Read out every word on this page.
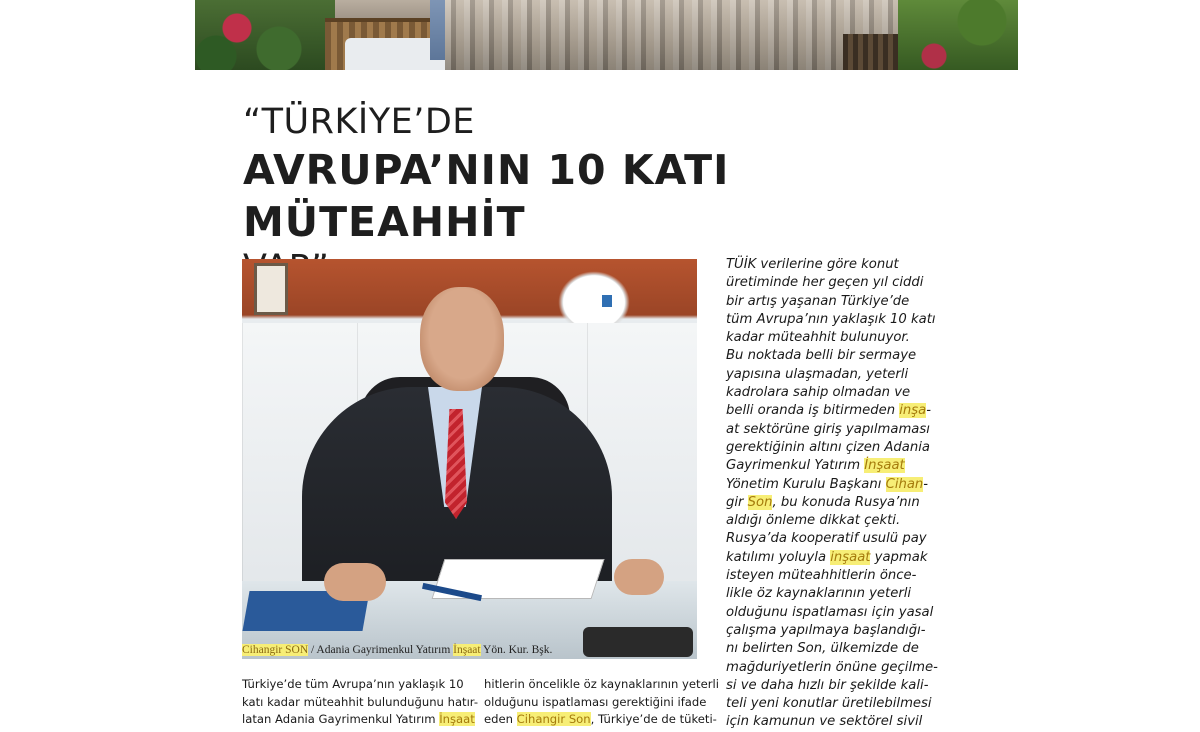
“TÜRKİYE’DE
AVRUPA’NIN 10 KATI MÜTEAHHİT
Cihangir SON / Adania Gayrimenkul Yatırım İnşaat Yön. Kur. Bşk.
TÜİK verilerine göre konut
üretiminde her geçen yıl ciddi
bir artış yaşanan Türkiye’de
tüm Avrupa’nın yaklaşık 10 katı
kadar müteahhit bulunuyor.
Bu noktada belli bir sermaye
yapısına ulaşmadan, yeterli
kadrolara sahip olmadan ve
belli oranda iş bitirmeden inşa-
at sektörüne giriş yapılmaması
gerektiğinin altını çizen Adania
Gayrimenkul Yatırım İnşaat
Yönetim Kurulu Başkanı Cihan-
gir Son, bu konuda Rusya’nın
aldığı önleme dikkat çekti.
Rusya’da kooperatif usulü pay
katılımı yoluyla inşaat yapmak
isteyen müteahhitlerin önce-
likle öz kaynaklarının yeterli
olduğunu ispatlaması için yasal
çalışma yapılmaya başlandığı-
nı belirten Son, ülkemizde de
mağduriyetlerin önüne geçilme-
si ve daha hızlı bir şekilde kali-
teli yeni konutlar üretilebilmesi
için kamunun ve sektörel sivil
Türkiye’de tüm Avrupa’nın yaklaşık 10
katı kadar müteahhit bulunduğunu hatır-
latan Adania Gayrimenkul Yatırım İnşaat
hitlerin öncelikle öz kaynaklarının yeterli
olduğunu ispatlaması gerektiğini ifade
eden Cihangir Son, Türkiye’de de tüketi-
